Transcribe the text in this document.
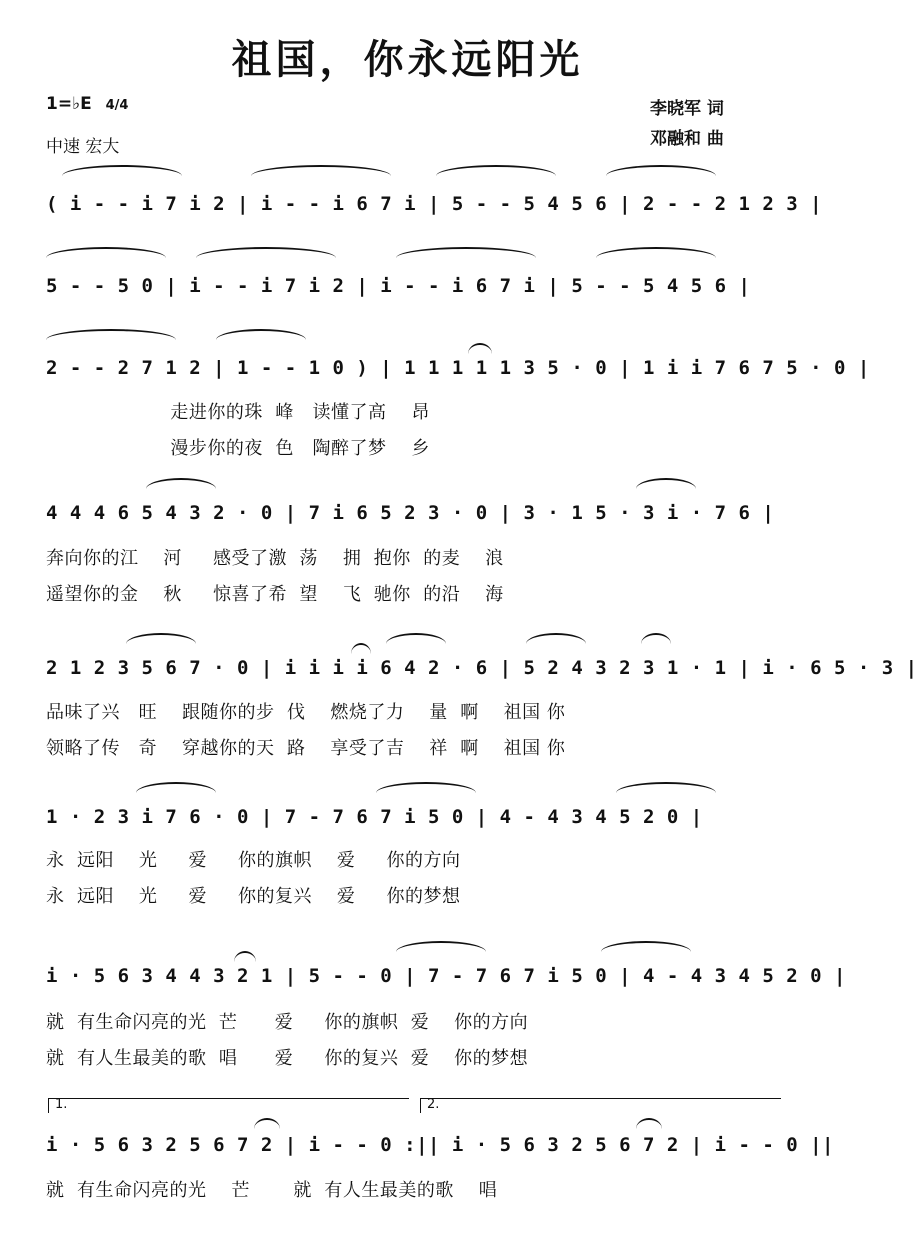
祖国，你永远阳光
1=♭E 4/4
中速 宏大
李晓军 词
邓融和 曲
( i - - i 7 i 2 | i - - i 6 7 i | 5 - - 5 4 5 6 | 2 - - 2 1 2 3 |
5 - - 5 0 | i - - i 7 i 2 | i - - i 6 7 i | 5 - - 5 4 5 6 |
2 - - 2 7 1 2 | 1 - - 1 0 ) | 1 1 1 1 1 3 5 · 0 | 1 i i 7 6 7 5 · 0 |
走进你的珠  峰   读懂了高    昂
漫步你的夜  色   陶醉了梦    乡
4 4 4 6 5 4 3 2 · 0 | 7 i 6 5 2 3 · 0 | 3 · 1 5 · 3 i · 7 6 |
奔向你的江    河     感受了激  荡    拥  抱你  的麦    浪
遥望你的金    秋     惊喜了希  望    飞  驰你  的沿    海
2 1 2 3 5 6 7 · 0 | i i i i 6 4 2 · 6 | 5 2 4 3 2 3 1 · 1 | i · 6 5 · 3 |
品味了兴   旺    跟随你的步  伐    燃烧了力    量  啊    祖国 你
领略了传   奇    穿越你的天  路    享受了吉    祥  啊    祖国 你
1 · 2 3 i 7 6 · 0 | 7 - 7 6 7 i 5 0 | 4 - 4 3 4 5 2 0 |
永  远阳    光     爱     你的旗帜    爱     你的方向
永  远阳    光     爱     你的复兴    爱     你的梦想
i · 5 6 3 4 4 3 2 1 | 5 - - 0 | 7 - 7 6 7 i 5 0 | 4 - 4 3 4 5 2 0 |
就  有生命闪亮的光  芒      爱     你的旗帜  爱    你的方向
就  有人生最美的歌  唱      爱     你的复兴  爱    你的梦想
1.	2.
i · 5 6 3 2 5 6 7 2 | i - - 0 :|| i · 5 6 3 2 5 6 7 2 | i - - 0 ||
就  有生命闪亮的光    芒       就  有人生最美的歌    唱
